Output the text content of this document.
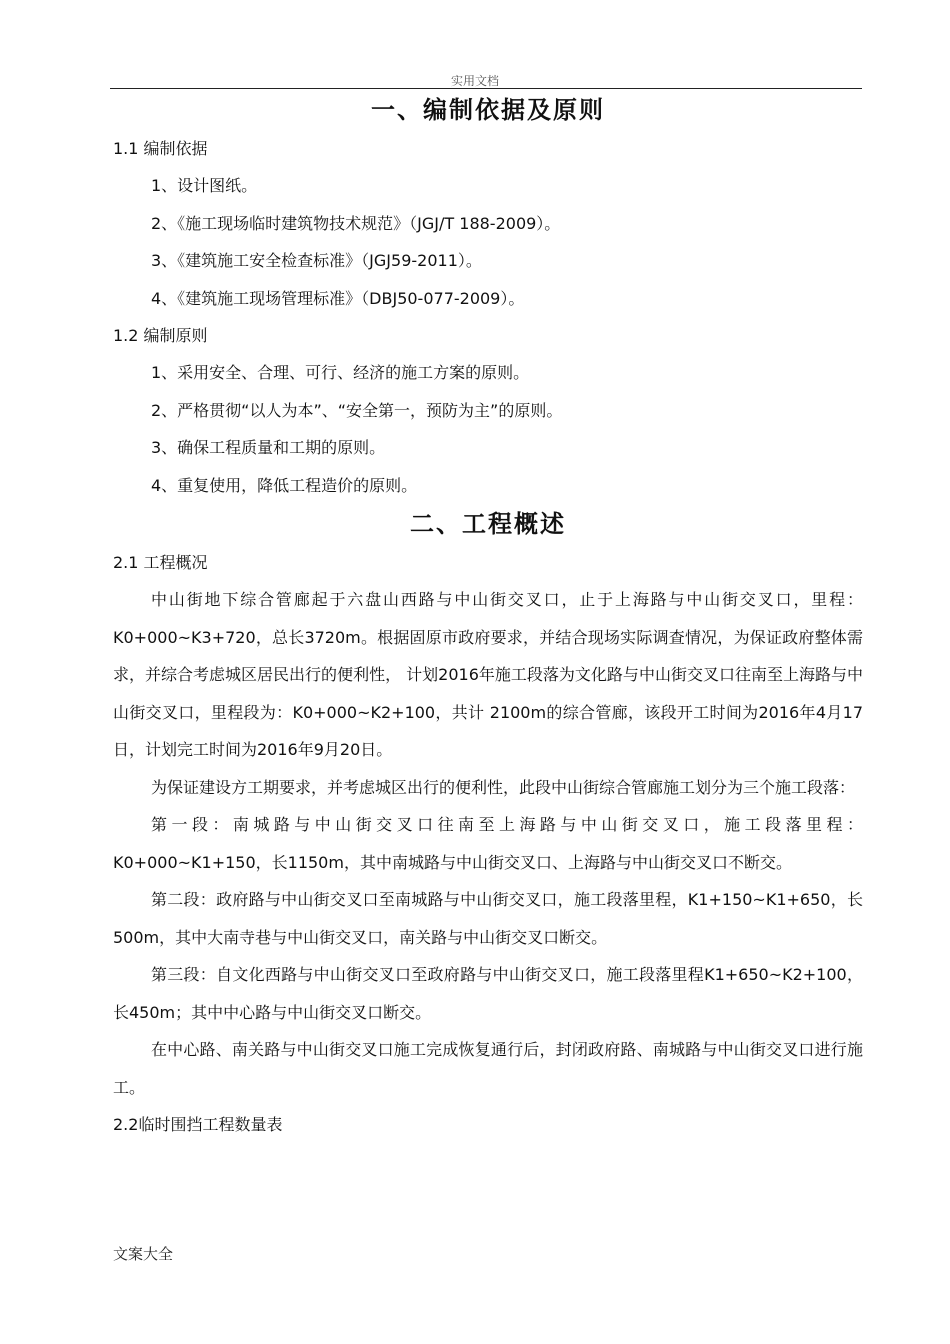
实用文档
一、编制依据及原则
1.1 编制依据
1、设计图纸。
2、《施工现场临时建筑物技术规范》（JGJ/T 188-2009）。
3、《建筑施工安全检查标准》（JGJ59-2011）。
4、《建筑施工现场管理标准》（DBJ50-077-2009）。
1.2 编制原则
1、采用安全、合理、可行、经济的施工方案的原则。
2、严格贯彻“以人为本”、“安全第一，预防为主”的原则。
3、确保工程质量和工期的原则。
4、重复使用，降低工程造价的原则。
二、工程概述
2.1 工程概况

中山街地下综合管廊起于六盘山西路与中山街交叉口，止于上海路与中山街交叉口，里程：K0+000~K3+720，总长3720m。根据固原市政府要求，并结合现场实际调查情况，为保证政府整体需求，并综合考虑城区居民出行的便利性， 计划2016年施工段落为文化路与中山街交叉口往南至上海路与中山街交叉口，里程段为：K0+000~K2+100，共计 2100m的综合管廊，该段开工时间为2016年4月17日，计划完工时间为2016年9月20日。

为保证建设方工期要求，并考虑城区出行的便利性，此段中山街综合管廊施工划分为三个施工段落：

第一段：南城路与中山街交叉口往南至上海路与中山街交叉口，施工段落里程：K0+000~K1+150，长1150m，其中南城路与中山街交叉口、上海路与中山街交叉口不断交。

第二段：政府路与中山街交叉口至南城路与中山街交叉口，施工段落里程，K1+150~K1+650，长500m，其中大南寺巷与中山街交叉口，南关路与中山街交叉口断交。

第三段：自文化西路与中山街交叉口至政府路与中山街交叉口，施工段落里程K1+650~K2+100，长450m；其中中心路与中山街交叉口断交。

在中心路、南关路与中山街交叉口施工完成恢复通行后，封闭政府路、南城路与中山街交叉口进行施工。

2.2临时围挡工程数量表
文案大全
